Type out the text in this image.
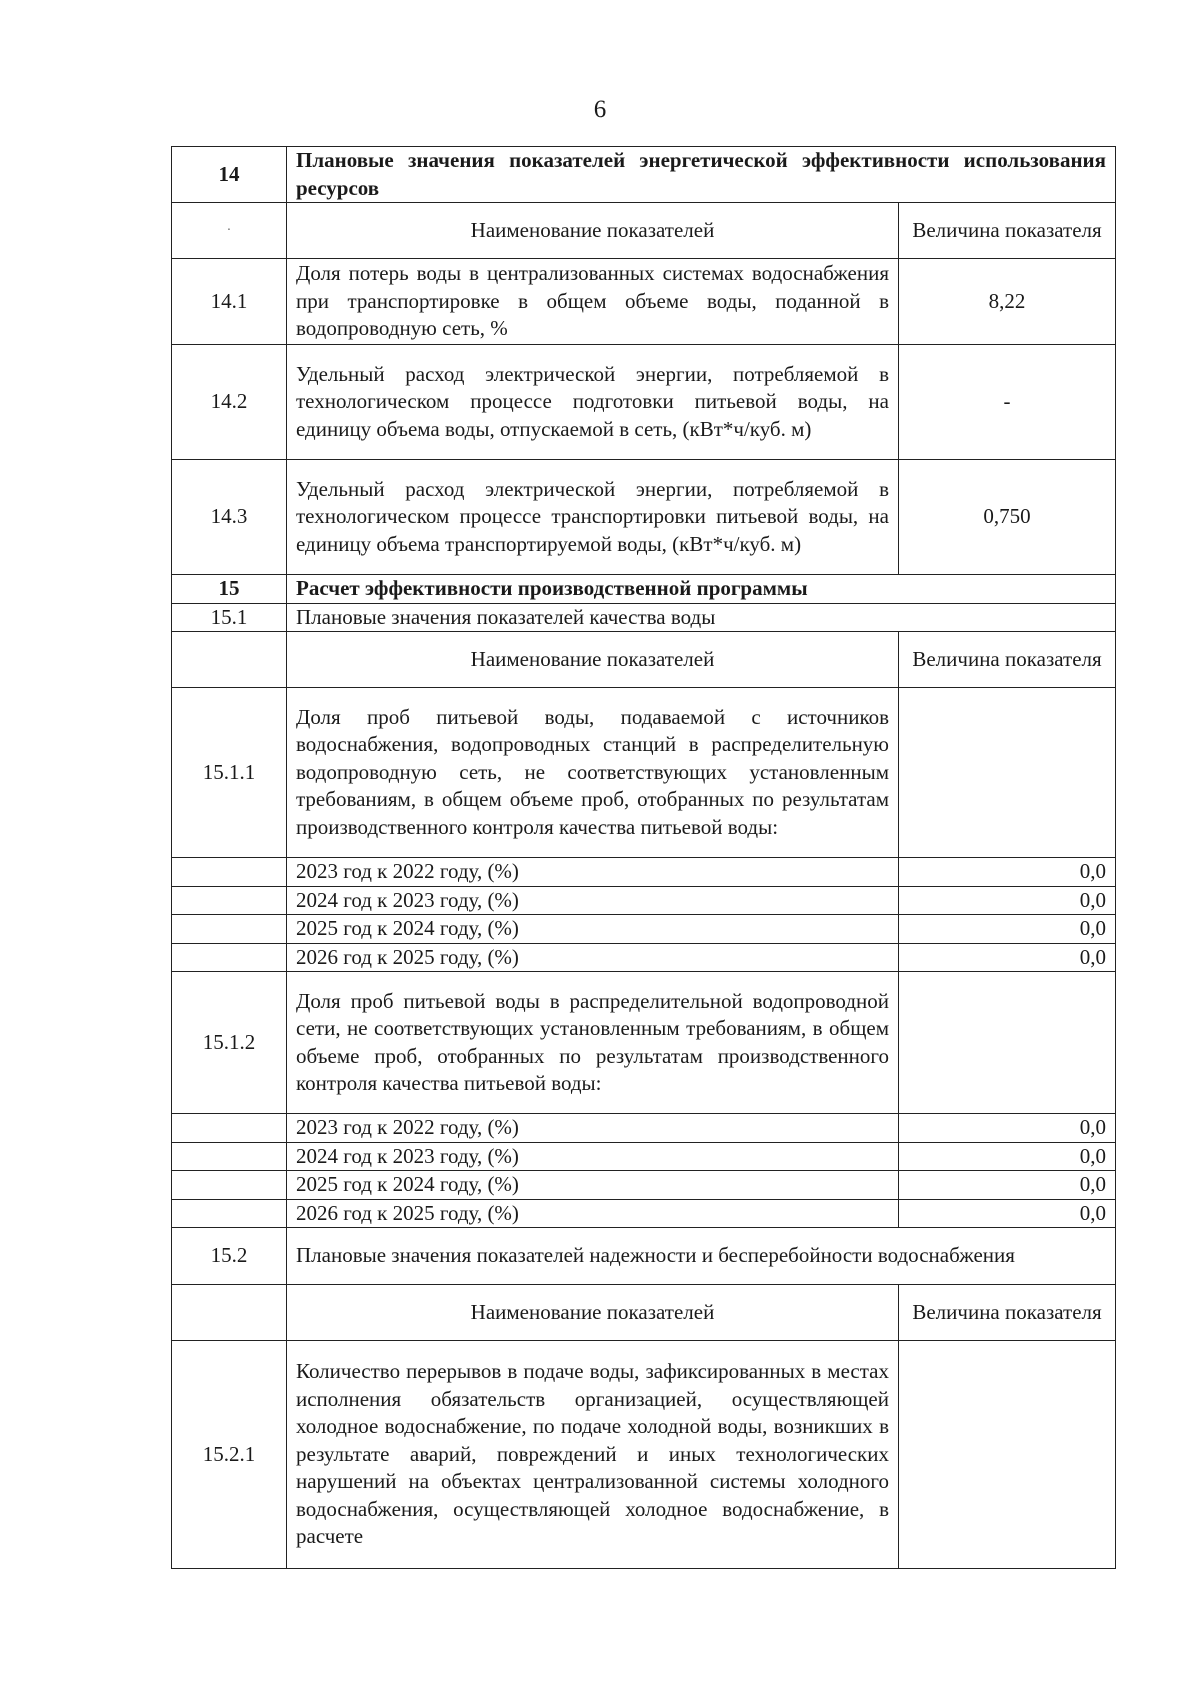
6
14	Плановые значения показателей энергетической эффективности использования ресурсов	
·	Наименование показателей	Величина показателя
14.1	Доля потерь воды в централизованных системах водоснабжения при транспортировке в общем объеме воды, поданной в водопроводную сеть, %	8,22
14.2	Удельный расход электрической энергии, потребляемой в технологическом процессе подготовки питьевой воды, на единицу объема воды, отпускаемой в сеть, (кВт*ч/куб. м)	-
14.3	Удельный расход электрической энергии, потребляемой в технологическом процессе транспортировки питьевой воды, на единицу объема транспортируемой воды, (кВт*ч/куб. м)	0,750
15	Расчет эффективности производственной программы	
15.1	Плановые значения показателей качества воды	
	Наименование показателей	Величина показателя
15.1.1	Доля проб питьевой воды, подаваемой с источников водоснабжения, водопроводных станций в распределительную водопроводную сеть, не соответствующих установленным требованиям, в общем объеме проб, отобранных по результатам производственного контроля качества питьевой воды:	
	2023 год к 2022 году, (%)	0,0
	2024 год к 2023 году, (%)	0,0
	2025 год к 2024 году, (%)	0,0
	2026 год к 2025 году, (%)	0,0
15.1.2	Доля проб питьевой воды в распределительной водопроводной сети, не соответствующих установленным требованиям, в общем объеме проб, отобранных по результатам производственного контроля качества питьевой воды:	
	2023 год к 2022 году, (%)	0,0
	2024 год к 2023 году, (%)	0,0
	2025 год к 2024 году, (%)	0,0
	2026 год к 2025 году, (%)	0,0
15.2	Плановые значения показателей надежности и бесперебойности водоснабжения	
	Наименование показателей	Величина показателя
15.2.1	Количество перерывов в подаче воды, зафиксированных в местах исполнения обязательств организацией, осуществляющей холодное водоснабжение, по подаче холодной воды, возникших в результате аварий, повреждений и иных технологических нарушений на объектах централизованной системы холодного водоснабжения, осуществляющей холодное водоснабжение, в расчете	
